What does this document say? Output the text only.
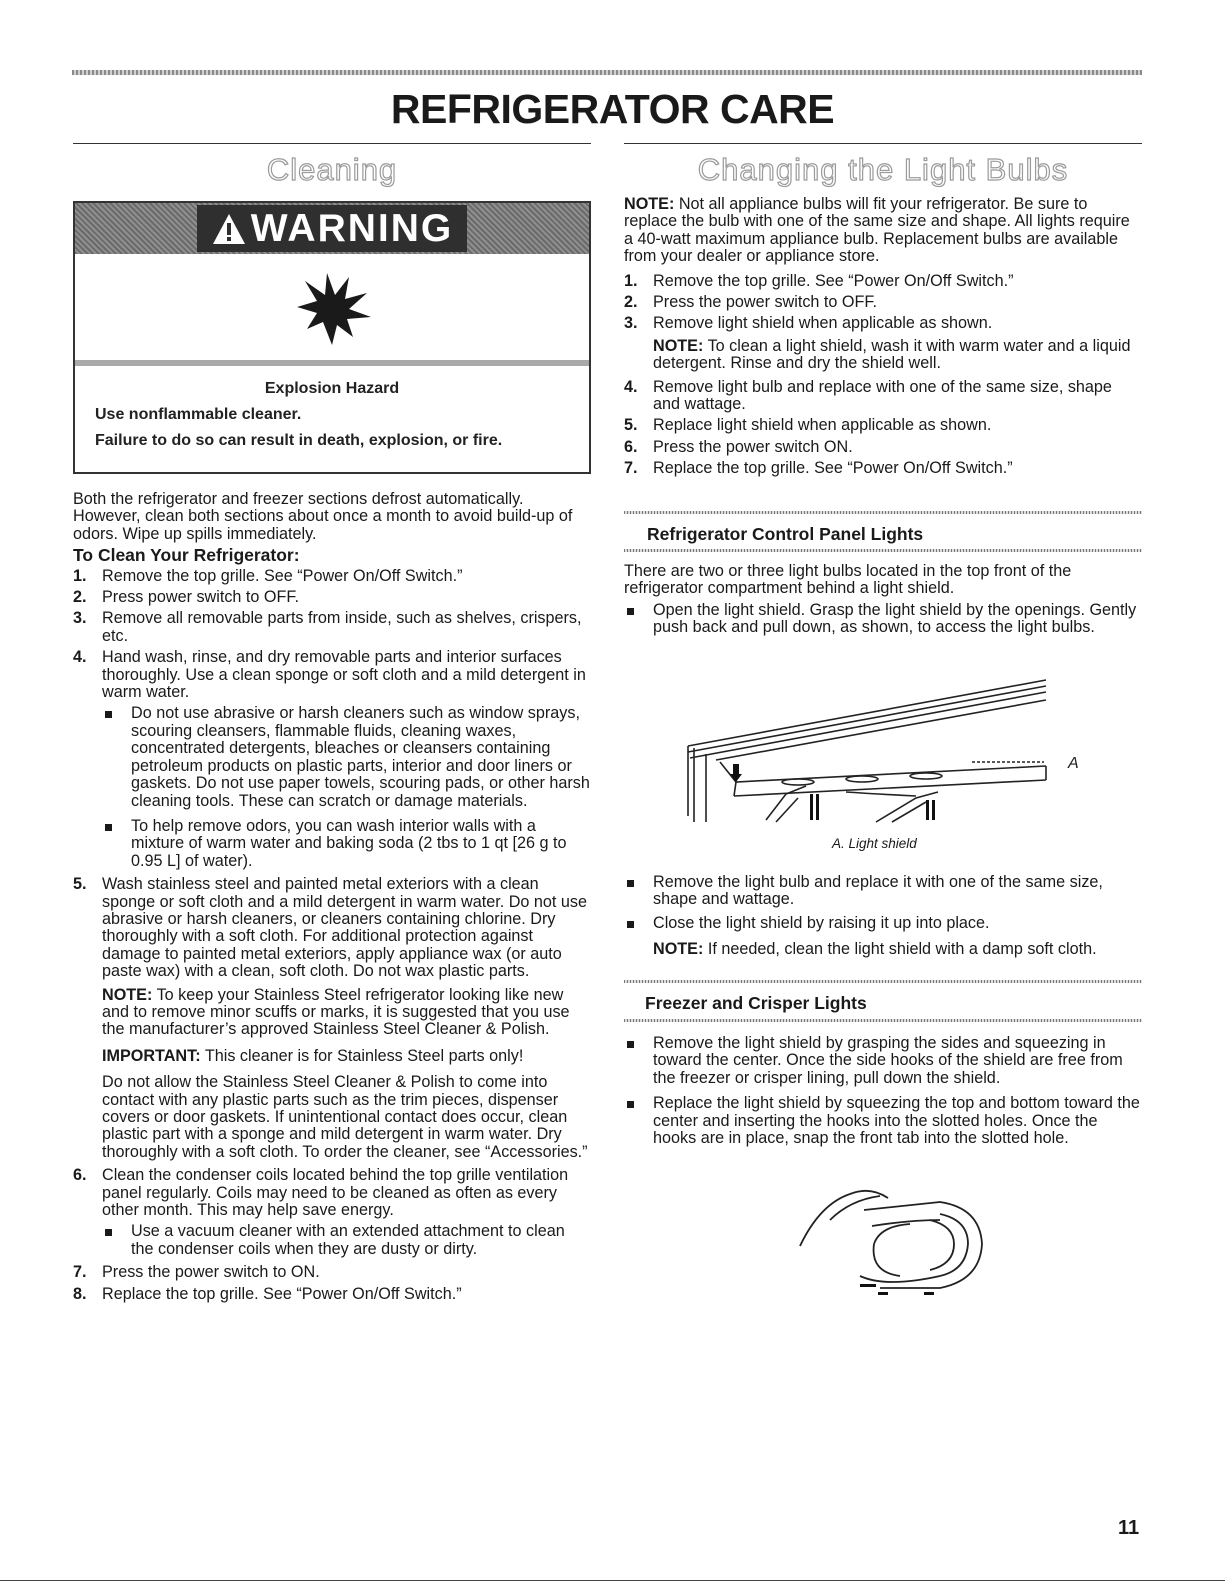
REFRIGERATOR CARE
Cleaning
WARNING
Explosion Hazard
Use nonflammable cleaner.
Failure to do so can result in death, explosion, or fire.

Both the refrigerator and freezer sections defrost automatically. However, clean both sections about once a month to avoid build-up of odors. Wipe up spills immediately.

To Clean Your Refrigerator:

1. Remove the top grille. See “Power On/Off Switch.”
2. Press power switch to OFF.
3. Remove all removable parts from inside, such as shelves, crispers, etc.
4. Hand wash, rinse, and dry removable parts and interior surfaces thoroughly. Use a clean sponge or soft cloth and a mild detergent in warm water.
Do not use abrasive or harsh cleaners such as window sprays, scouring cleansers, flammable fluids, cleaning waxes, concentrated detergents, bleaches or cleansers containing petroleum products on plastic parts, interior and door liners or gaskets. Do not use paper towels, scouring pads, or other harsh cleaning tools. These can scratch or damage materials.
To help remove odors, you can wash interior walls with a mixture of warm water and baking soda (2 tbs to 1 qt [26 g to 0.95 L] of water).
5. Wash stainless steel and painted metal exteriors with a clean sponge or soft cloth and a mild detergent in warm water. Do not use abrasive or harsh cleaners, or cleaners containing chlorine. Dry thoroughly with a soft cloth. For additional protection against damage to painted metal exteriors, apply appliance wax (or auto paste wax) with a clean, soft cloth. Do not wax plastic parts.

NOTE: To keep your Stainless Steel refrigerator looking like new and to remove minor scuffs or marks, it is suggested that you use the manufacturer’s approved Stainless Steel Cleaner & Polish.

IMPORTANT: This cleaner is for Stainless Steel parts only!

Do not allow the Stainless Steel Cleaner & Polish to come into contact with any plastic parts such as the trim pieces, dispenser covers or door gaskets. If unintentional contact does occur, clean plastic part with a sponge and mild detergent in warm water. Dry thoroughly with a soft cloth. To order the cleaner, see “Accessories.”

6. Clean the condenser coils located behind the top grille ventilation panel regularly. Coils may need to be cleaned as often as every other month. This may help save energy.
Use a vacuum cleaner with an extended attachment to clean the condenser coils when they are dusty or dirty.
7. Press the power switch to ON.
8. Replace the top grille. See “Power On/Off Switch.”
Changing the Light Bulbs

NOTE: Not all appliance bulbs will fit your refrigerator. Be sure to replace the bulb with one of the same size and shape. All lights require a 40-watt maximum appliance bulb. Replacement bulbs are available from your dealer or appliance store.

1. Remove the top grille. See “Power On/Off Switch.”
2. Press the power switch to OFF.
3. Remove light shield when applicable as shown.

NOTE: To clean a light shield, wash it with warm water and a liquid detergent. Rinse and dry the shield well.

4. Remove light bulb and replace with one of the same size, shape and wattage.
5. Replace light shield when applicable as shown.
6. Press the power switch ON.
7. Replace the top grille. See “Power On/Off Switch.”
Refrigerator Control Panel Lights

There are two or three light bulbs located in the top front of the refrigerator compartment behind a light shield.

Open the light shield. Grasp the light shield by the openings. Gently push back and pull down, as shown, to access the light bulbs.
A
A. Light shield
Remove the light bulb and replace it with one of the same size, shape and wattage.
Close the light shield by raising it up into place.

NOTE: If needed, clean the light shield with a damp soft cloth.

Freezer and Crisper Lights
Remove the light shield by grasping the sides and squeezing in toward the center. Once the side hooks of the shield are free from the freezer or crisper lining, pull down the shield.
Replace the light shield by squeezing the top and bottom toward the center and inserting the hooks into the slotted holes. Once the hooks are in place, snap the front tab into the slotted hole.
11
